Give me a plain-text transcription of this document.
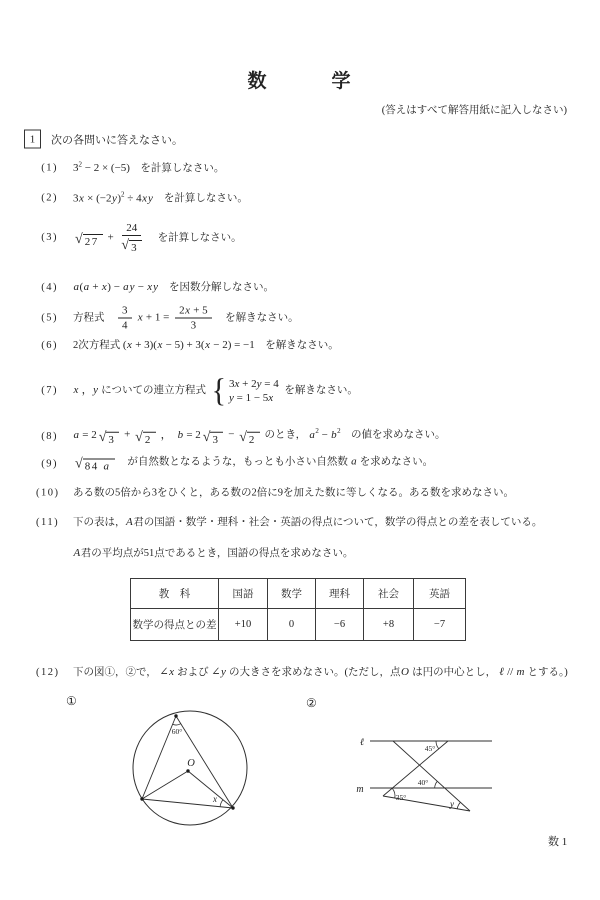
数　　　学
(答えはすべて解答用紙に記入しなさい)
1 次の各問いに答えなさい。
(1) $3^2 - 2 \times (-5)$　を計算しなさい。
(2) $3x \times (-2y)^2 \div 4xy$　を計算しなさい。
(3) √ $27 + \frac{24}{√ 3}$ 　を計算しなさい。
(4) a(a + x) − ay − xy　を因数分解しなさい。
(5) 方程式　 $\frac{3}{4}$ $x + 1 = \frac{2x + 5}{3}$ 　を解きなさい。
(6) 2次方程式 (x + 3)(x − 5) + 3(x − 2) = −1　を解きなさい。
(7) x ，y についての連立方程式 { 3x + 2y = 4
y = 1 − 5x
を解きなさい。
(8) a = 2 √ 3 + √ 2 ，　b = 2 √ 3 − √ 2 のとき， $a^2 - b^2$　の値を求めなさい。
(9) √ 84 a 　が自然数となるような，もっとも小さい自然数 a を求めなさい。
(10) ある数の5倍から3をひくと，ある数の2倍に9を加えた数に等しくなる。ある数を求めなさい。
(11) 下の表は，A君の国語・数学・理科・社会・英語の得点について，数学の得点との差を表している。
A君の平均点が51点であるとき，国語の得点を求めなさい。
教　科	国語	数学	理科	社会	英語
数学の得点との差	+10	0	−6	+8	−7
(12) 下の図①，②で， ∠x および ∠y の大きさを求めなさい。(ただし，点O は円の中心とし， ℓ // m とする。)
①
60°
O
x
②
ℓ
m
45°
40°
35°
y
数 1
